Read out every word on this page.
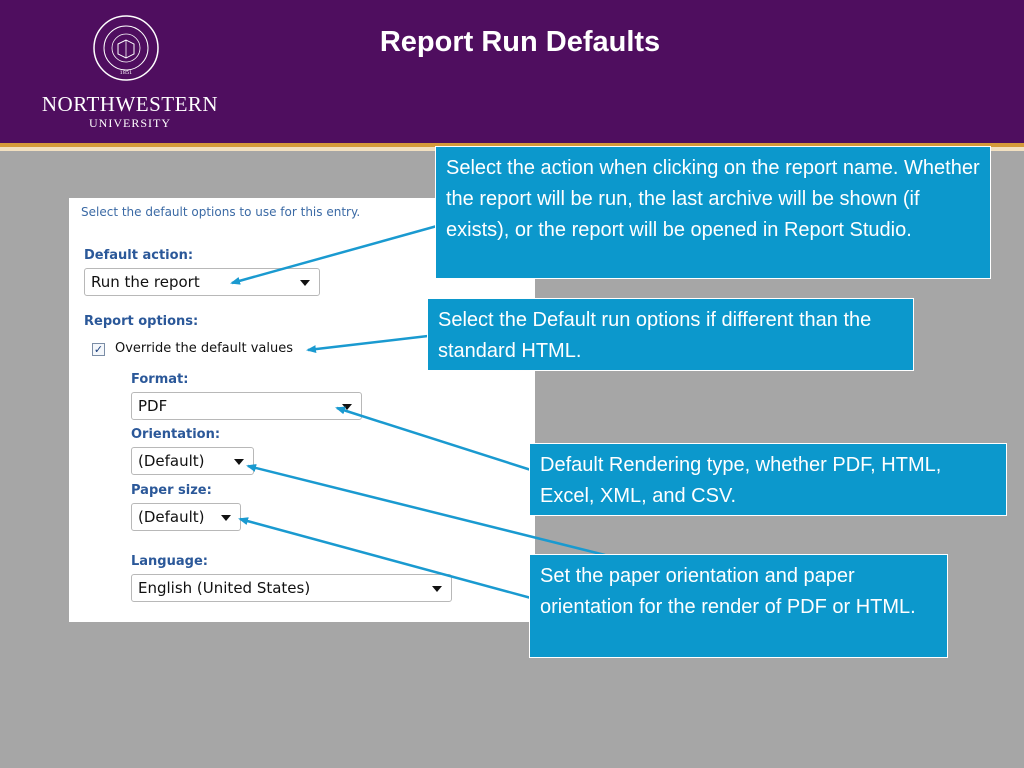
1851
NORTHWESTERN
UNIVERSITY
Report Run Defaults
Select the default options to use for this entry.
Default action:
Run the report
Report options:
✓ Override the default values
Format:
PDF
Orientation:
(Default)
Paper size:
(Default)
Language:
English (United States)
Select the action when clicking on the report name. Whether the report will be run, the last archive will be shown (if exists), or the report will be opened in Report Studio.
Select the Default run options if different than the standard HTML.
Default Rendering type, whether PDF, HTML, Excel, XML, and CSV.
Set the paper orientation and paper orientation for the render of PDF or HTML.
